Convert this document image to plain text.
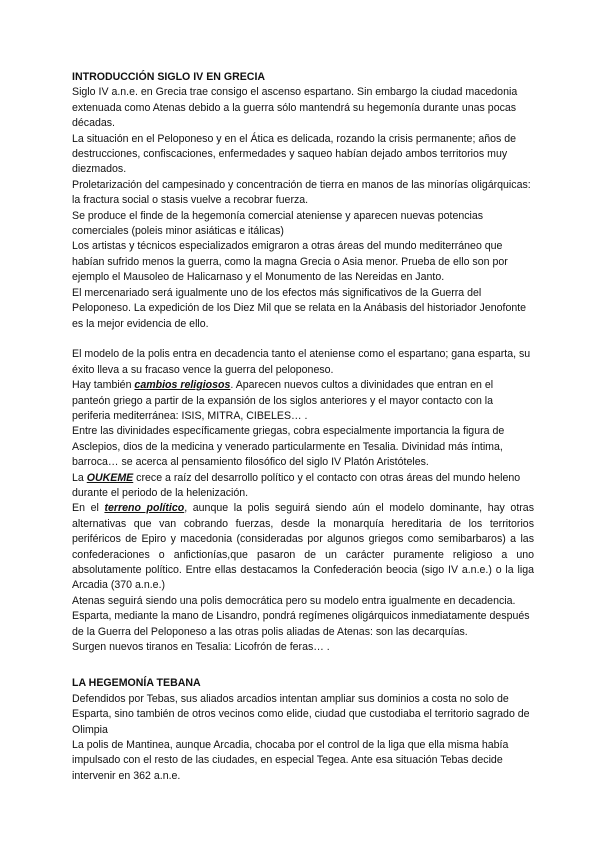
INTRODUCCIÓN SIGLO IV EN GRECIA

Siglo IV a.n.e. en Grecia trae consigo el ascenso espartano. Sin embargo la ciudad macedonia extenuada como Atenas debido a la guerra sólo mantendrá su hegemonía durante unas pocas décadas.

La situación en el Peloponeso y en el Ática es delicada, rozando la crisis permanente; años de destrucciones, confiscaciones, enfermedades y saqueo habían dejado ambos territorios muy diezmados.

Proletarización del campesinado y concentración de tierra en manos de las minorías oligárquicas: la fractura social o stasis vuelve a recobrar fuerza.

Se produce el finde de la hegemonía comercial ateniense y aparecen nuevas potencias comerciales (poleis minor asiáticas e itálicas)

Los artistas y técnicos especializados emigraron a otras áreas del mundo mediterráneo que habían sufrido menos la guerra, como la magna Grecia o Asia menor. Prueba de ello son por ejemplo el Mausoleo de Halicarnaso y el Monumento de las Nereidas en Janto.

El mercenariado será igualmente uno de los efectos más significativos de la Guerra del Peloponeso. La expedición de los Diez Mil que se relata en la Anábasis del historiador Jenofonte es la mejor evidencia de ello.

El modelo de la polis entra en decadencia tanto el ateniense como el espartano; gana esparta, su éxito lleva a su fracaso vence la guerra del peloponeso.

Hay también cambios religiosos. Aparecen nuevos cultos a divinidades que entran en el panteón griego a partir de la expansión de los siglos anteriores y el mayor contacto con la periferia mediterránea: ISIS, MITRA, CIBELES… .

Entre las divinidades específicamente griegas, cobra especialmente importancia la figura de Asclepios, dios de la medicina y venerado particularmente en Tesalia. Divinidad más íntima, barroca… se acerca al pensamiento filosófico del siglo IV Platón Aristóteles.

La OUKEME crece a raíz del desarrollo político y el contacto con otras áreas del mundo heleno durante el periodo de la helenización.

En el terreno político, aunque la polis seguirá siendo aún el modelo dominante, hay otras alternativas que van cobrando fuerzas, desde la monarquía hereditaria de los territorios periféricos de Epiro y macedonia (consideradas por algunos griegos como semibarbaros) a las confederaciones o anfictionías,que pasaron de un carácter puramente religioso a uno absolutamente político. Entre ellas destacamos la Confederación beocia (sigo IV a.n.e.) o la liga Arcadia (370 a.n.e.)

Atenas seguirá siendo una polis democrática pero su modelo entra igualmente en decadencia. Esparta, mediante la mano de Lisandro, pondrá regímenes oligárquicos inmediatamente después de la Guerra del Peloponeso a las otras polis aliadas de Atenas: son las decarquías.

Surgen nuevos tiranos en Tesalia: Licofrón de feras… .

LA HEGEMONÍA TEBANA

Defendidos por Tebas, sus aliados arcadios intentan ampliar sus dominios a costa no solo de Esparta, sino también de otros vecinos como elide, ciudad que custodiaba el territorio sagrado de Olimpia

La polis de Mantinea, aunque Arcadia, chocaba por el control de la liga que ella misma había impulsado con el resto de las ciudades, en especial Tegea. Ante esa situación Tebas decide intervenir en 362 a.n.e.
